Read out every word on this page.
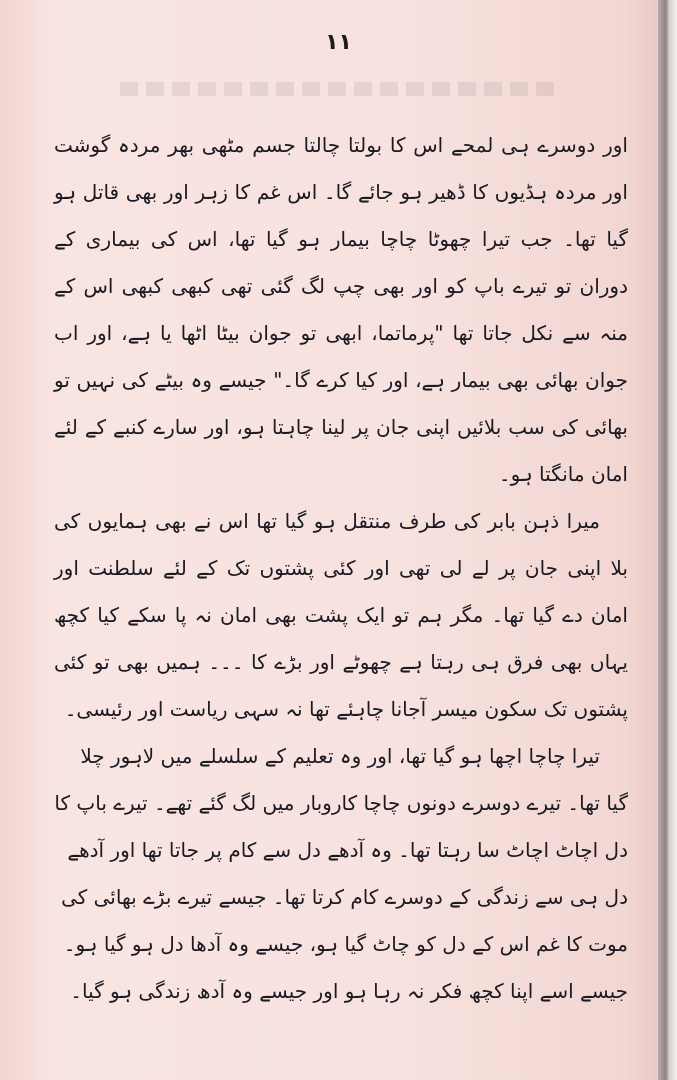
۱۱

اور دوسرے ہی لمحے اس کا بولتا چالتا جسم مٹھی بھر مردہ گوشت اور مردہ ہڈیوں کا ڈھیر ہو جائے گا۔ اس غم کا زہر اور بھی قاتل ہو گیا تھا۔ جب تیرا چھوٹا چاچا بیمار ہو گیا تھا، اس کی بیماری کے دوران تو تیرے باپ کو اور بھی چپ لگ گئی تھی کبھی کبھی اس کے منہ سے نکل جاتا تھا "پرماتما، ابھی تو جوان بیٹا اٹھا یا ہے، اور اب جوان بھائی بھی بیمار ہے، اور کیا کرے گا۔" جیسے وہ بیٹے کی نہیں تو بھائی کی سب بلائیں اپنی جان پر لینا چاہتا ہو، اور سارے کنبے کے لئے امان مانگتا ہو۔

میرا ذہن بابر کی طرف منتقل ہو گیا تھا اس نے بھی ہمایوں کی بلا اپنی جان پر لے لی تھی اور کئی پشتوں تک کے لئے سلطنت اور امان دے گیا تھا۔ مگر ہم تو ایک پشت بھی امان نہ پا سکے کیا کچھ یہاں بھی فرق ہی رہتا ہے چھوٹے اور بڑے کا ۔۔۔ ہمیں بھی تو کئی پشتوں تک سکون میسر آجانا چاہئے تھا نہ سہی ریاست اور رئیسی۔

تیرا چاچا اچھا ہو گیا تھا، اور وہ تعلیم کے سلسلے میں لاہور چلا گیا تھا۔ تیرے دوسرے دونوں چاچا کاروبار میں لگ گئے تھے۔ تیرے باپ کا دل اچاٹ اچاٹ سا رہتا تھا۔ وہ آدھے دل سے کام پر جاتا تھا اور آدھے دل ہی سے زندگی کے دوسرے کام کرتا تھا۔ جیسے تیرے بڑے بھائی کی موت کا غم اس کے دل کو چاٹ گیا ہو، جیسے وہ آدھا دل ہو گیا ہو۔ جیسے اسے اپنا کچھ فکر نہ رہا ہو اور جیسے وہ آدھ زندگی ہو گیا۔
